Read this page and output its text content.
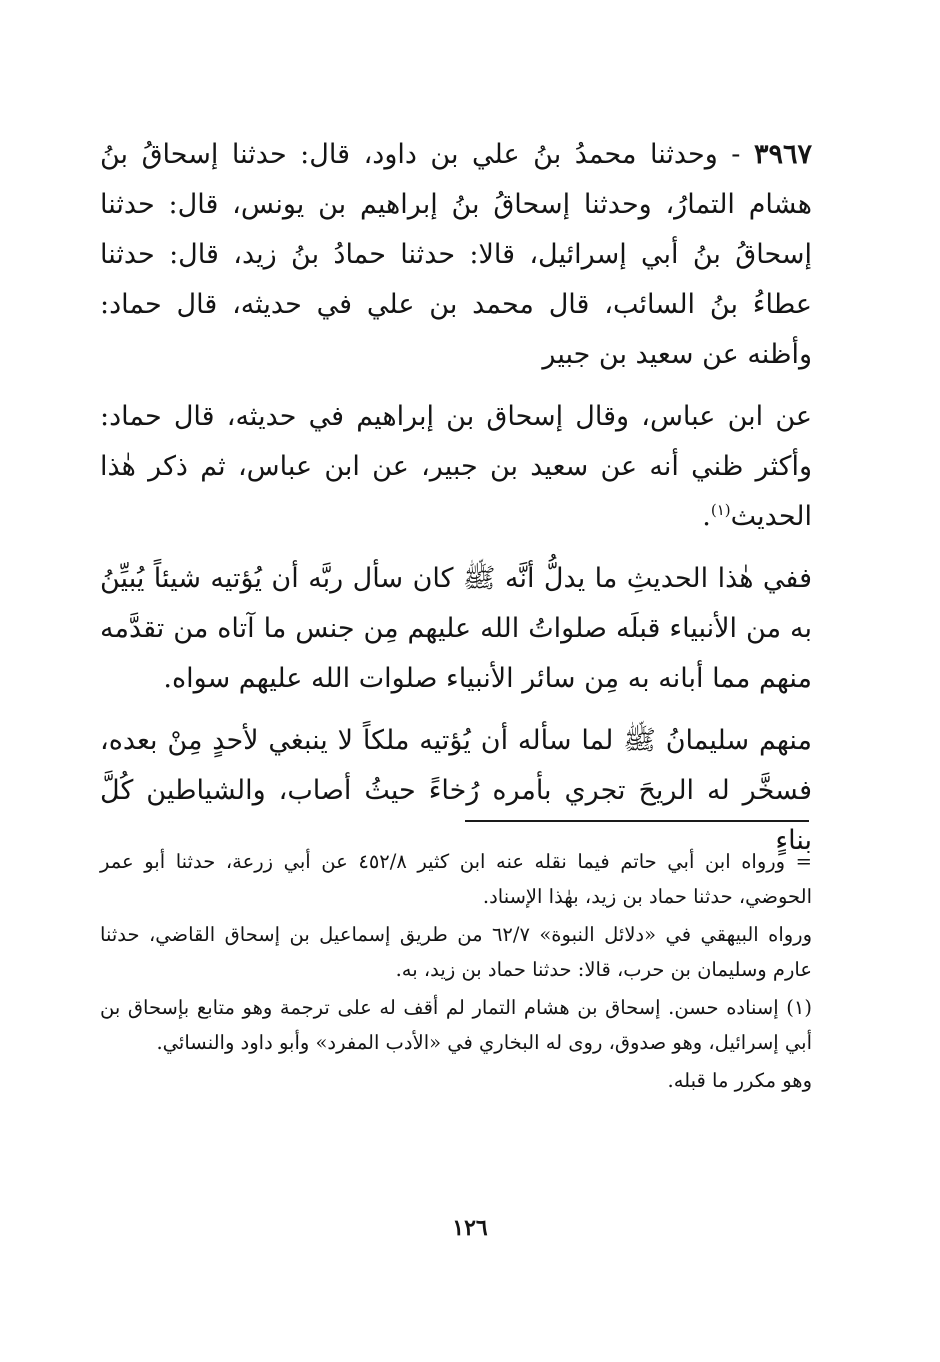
٣٩٦٧ - وحدثنا محمدُ بنُ علي بن داود، قال: حدثنا إسحاقُ بنُ هشام التمارُ، وحدثنا إسحاقُ بنُ إبراهيم بن يونس، قال: حدثنا إسحاقُ بنُ أبي إسرائيل، قالا: حدثنا حمادُ بنُ زيد، قال: حدثنا عطاءُ بنُ السائب، قال محمد بن علي في حديثه، قال حماد: وأظنه عن سعيد بن جبير

عن ابن عباس، وقال إسحاق بن إبراهيم في حديثه، قال حماد: وأكثر ظني أنه عن سعيد بن جبير، عن ابن عباس، ثم ذكر هٰذا الحديث$^{(١)}$.

ففي هٰذا الحديثِ ما يدلُّ أنَّه ﷺ كان سأل ربَّه أن يُؤتيه شيئاً يُبيِّنُ به من الأنبياء قبلَه صلواتُ الله عليهم مِن جنس ما آتاه من تقدَّمه منهم مما أبانه به مِن سائر الأنبياء صلوات الله عليهم سواه.

منهم سليمانُ ﷺ لما سأله أن يُؤتيه ملكاً لا ينبغي لأحدٍ مِنْ بعده، فسخَّر له الريحَ تجري بأمره رُخاءً حيثُ أصاب، والشياطين كُلَّ بناءٍ

= ورواه ابن أبي حاتم فيما نقله عنه ابن كثير ٤٥٢/٨ عن أبي زرعة، حدثنا أبو عمر الحوضي، حدثنا حماد بن زيد، بهٰذا الإسناد.

ورواه البيهقي في «دلائل النبوة» ٦٢/٧ من طريق إسماعيل بن إسحاق القاضي، حدثنا عارم وسليمان بن حرب، قالا: حدثنا حماد بن زيد، به.

(١) إسناده حسن. إسحاق بن هشام التمار لم أقف له على ترجمة وهو متابع بإسحاق بن أبي إسرائيل، وهو صدوق، روى له البخاري في «الأدب المفرد» وأبو داود والنسائي.

وهو مكرر ما قبله.

١٢٦
